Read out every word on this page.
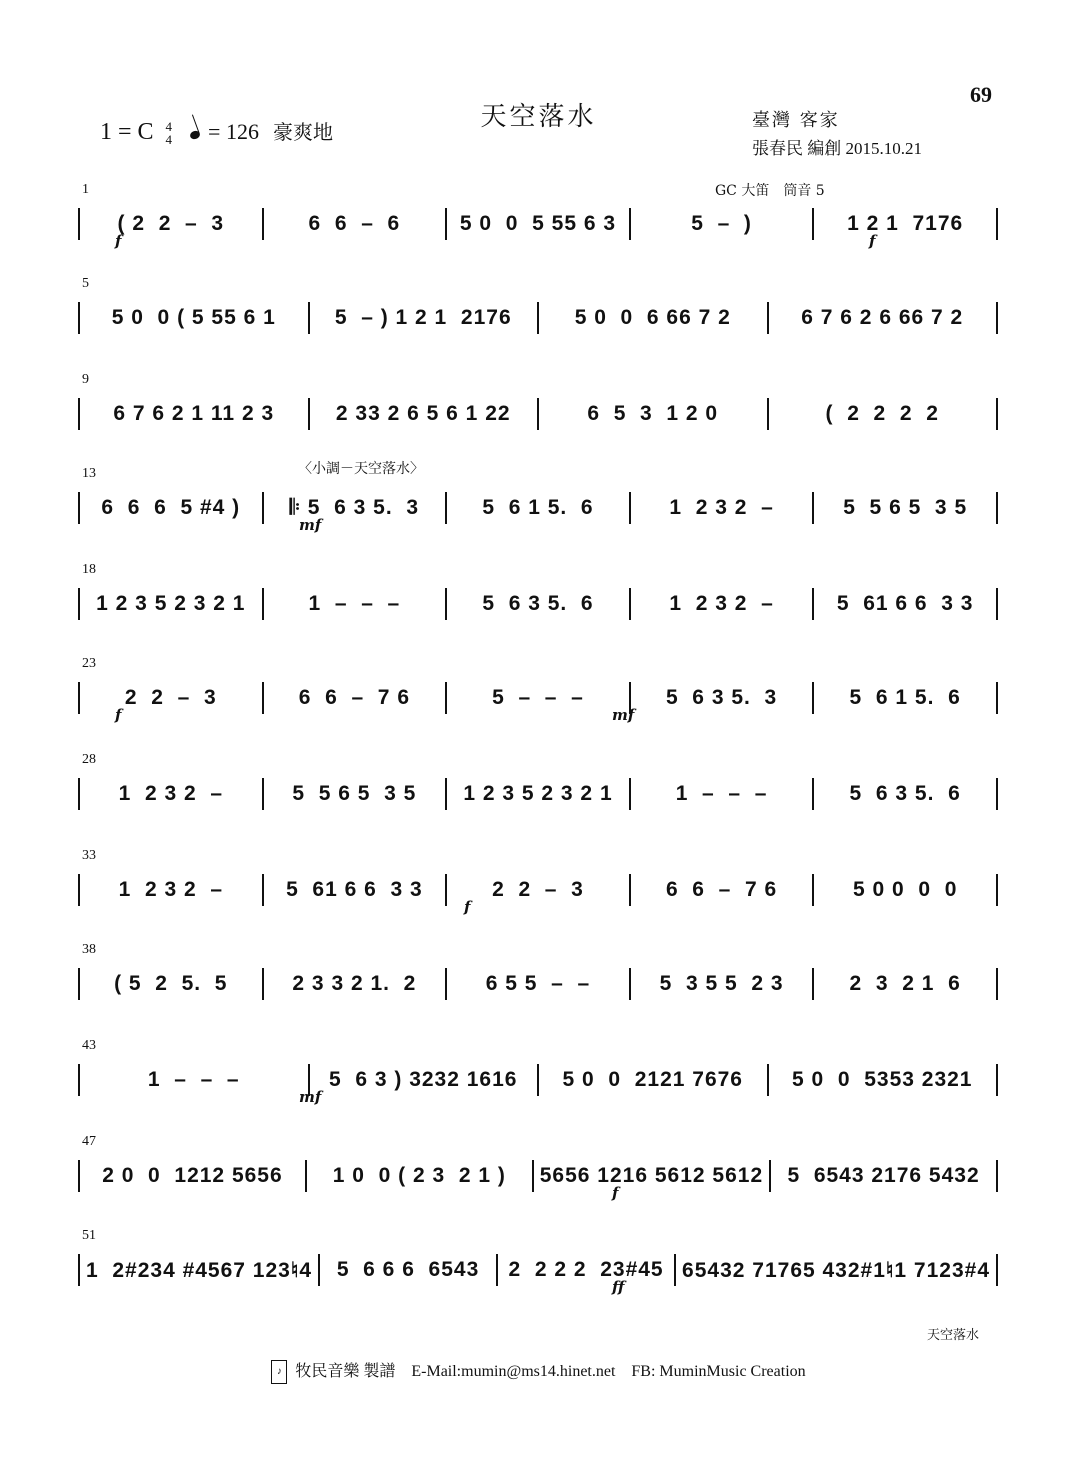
69
天空落水
1 = C 4
4 = 126 豪爽地
臺灣 客家
張春民 編創 2015.10.21
GC 大笛　筒音 5
〈小調－天空落水〉
1
( 2  2  –  3	6  6  –  6	5 0  0  5 55 6 3	5  –  )	1 2 1  7176
f	f
5
5 0  0 ( 5 55 6 1	5  – ) 1 2 1  2176	5 0  0  6 66 7 2	6 7 6 2 6 66 7 2
9
6 7 6 2 1 11 2 3	2 33 2 6 5 6 1 22	6  5  3  1 2 0	(  2  2  2  2
13
6  6  6  5 #4 ) 𝄆 5  6 3 5.  3	5  6 1 5.  6	1  2 3 2  –	5  5 6 5  3 5
mf
18
1 2 3 5 2 3 2 1	1  –  –  –	5  6 3 5.  6	1  2 3 2  –	5  61 6 6  3 3
23
2  2  –  3	6  6  –  7 6	5  –  –  –	5  6 3 5.  3	5  6 1 5.  6
f	mf
28
1  2 3 2  –	5  5 6 5  3 5 1 2 3 5 2 3 2 1	1  –  –  –	5  6 3 5.  6
33
1  2 3 2  –	5  61 6 6  3 3	2  2  –  3	6  6  –  7 6	5 0 0  0  0
f
38
( 5  2  5.  5	2 3 3 2 1.  2	6 5 5  –  –	5  3 5 5  2 3	2  3  2 1  6
43
1  –  –  –	5  6 3 ) 3232 1616 5 0  0  2121 7676 5 0  0  5353 2321
mf
47
2 0  0  1212 5656 1 0  0 ( 2 3  2 1 ) 5656 1216 5612 5612 5  6543 2176 5432
f
51
1  2#234 #4567 123♮4 5  6 6 6  6543 2  2 2 2  23#45 65432 71765 432#1♮1 7123#4
ff
天空落水
♪ 牧民音樂 製譜　E-Mail:mumin@ms14.hinet.net　FB: MuminMusic Creation
